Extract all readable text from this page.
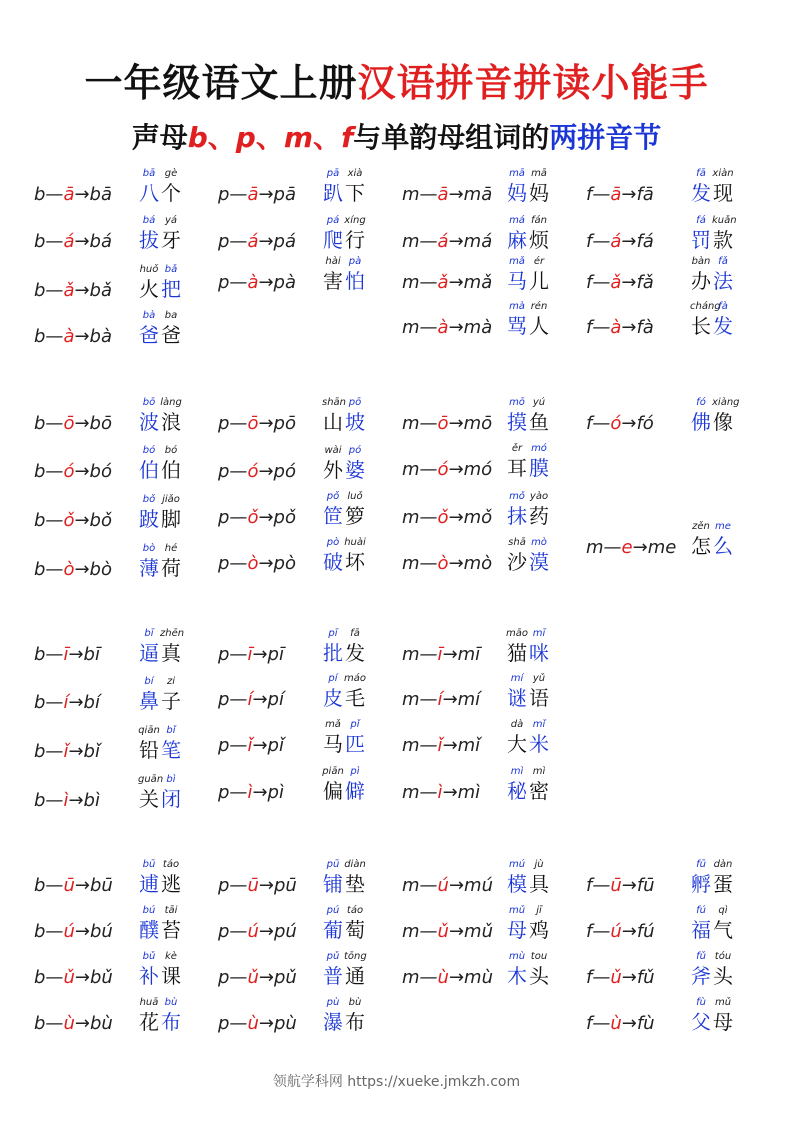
一年级语文上册汉语拼音拼读小能手
声母b、p、m、f与单韵母组词的两拼音节
b—ā→bā
bā
八
gè
个
b—á→bá
bá
拔
yá
牙
b—ǎ→bǎ
huǒ
火
bǎ
把
b—à→bà
bà
爸
ba
爸
p—ā→pā
pā
趴
xià
下
p—á→pá
pá
爬
xíng
行
p—à→pà
hài
害
pà
怕
m—ā→mā
mā
妈
mā
妈
m—á→má
má
麻
fán
烦
m—ǎ→mǎ
mǎ
马
ér
儿
m—à→mà
mà
骂
rén
人
f—ā→fā
fā
发
xiàn
现
f—á→fá
fá
罚
kuǎn
款
f—ǎ→fǎ
bàn
办
fǎ
法
f—à→fà
cháng
长
fà
发
b—ō→bō
bō
波
làng
浪
b—ó→bó
bó
伯
bó
伯
b—ǒ→bǒ
bǒ
跛
jiǎo
脚
b—ò→bò
bò
薄
hé
荷
p—ō→pō
shān
山
pō
坡
p—ó→pó
wài
外
pó
婆
p—ǒ→pǒ
pǒ
笸
luǒ
箩
p—ò→pò
pò
破
huài
坏
m—ō→mō
mō
摸
yú
鱼
m—ó→mó
ěr
耳
mó
膜
m—ǒ→mǒ
mǒ
抹
yào
药
m—ò→mò
shā
沙
mò
漠
f—ó→fó
fó
佛
xiàng
像
m—e→me
zěn
怎
me
么
b—ī→bī
bī
逼
zhēn
真
b—í→bí
bí
鼻
zi
子
b—ǐ→bǐ
qiān
铅
bǐ
笔
b—ì→bì
guān
关
bì
闭
p—ī→pī
pī
批
fā
发
p—í→pí
pí
皮
máo
毛
p—ǐ→pǐ
mǎ
马
pǐ
匹
p—ì→pì
piān
偏
pì
僻
m—ī→mī
māo
猫
mī
咪
m—í→mí
mí
谜
yǔ
语
m—ǐ→mǐ
dà
大
mǐ
米
m—ì→mì
mì
秘
mì
密
b—ū→bū
bū
逋
táo
逃
b—ú→bú
bú
醭
tāi
苔
b—ǔ→bǔ
bǔ
补
kè
课
b—ù→bù
huā
花
bù
布
p—ū→pū
pū
铺
diàn
垫
p—ú→pú
pú
葡
táo
萄
p—ǔ→pǔ
pǔ
普
tōng
通
p—ù→pù
pù
瀑
bù
布
m—ú→mú
mú
模
jù
具
m—ǔ→mǔ
mǔ
母
jī
鸡
m—ù→mù
mù
木
tou
头
f—ū→fū
fū
孵
dàn
蛋
f—ú→fú
fú
福
qì
气
f—ǔ→fǔ
fǔ
斧
tóu
头
f—ù→fù
fù
父
mǔ
母
领航学科网 https://xueke.jmkzh.com
